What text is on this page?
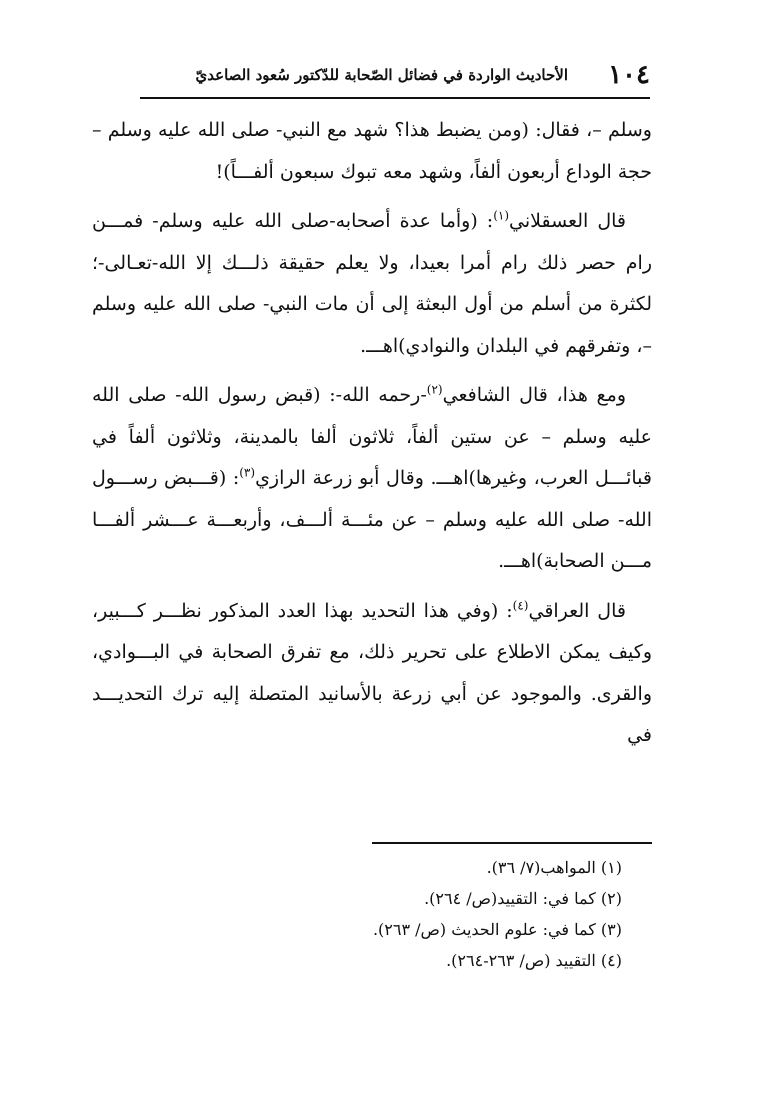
١٠٤
الأحاديث الواردة في فضائل الصّحابة للدّكتور سُعود الصاعديّ

وسلم –، فقال: (ومن يضبط هذا؟ شهد مع النبي- صلى الله عليه وسلم – حجة الوداع أربعون ألفاً، وشهد معه تبوك سبعون ألفـــاً)!

قال العسقلاني$^{(١)}$: (وأما عدة أصحابه-صلى الله عليه وسلم- فمـــن رام حصر ذلك رام أمرا بعيدا، ولا يعلم حقيقة ذلـــك إلا الله-تعـالى-؛ لكثرة من أسلم من أول البعثة إلى أن مات النبي- صلى الله عليه وسلم –، وتفرقهم في البلدان والنوادي)اهـــ.

ومع هذا، قال الشافعي$^{(٢)}$-رحمه الله-: (قبض رسول الله- صلى الله عليه وسلم – عن ستين ألفاً، ثلاثون ألفا بالمدينة، وثلاثون ألفاً في قبائـــل العرب، وغيرها)اهـــ. وقال أبو زرعة الرازي$^{(٣)}$: (قـــبض رســـول الله- صلى الله عليه وسلم – عن مئـــة ألـــف، وأربعـــة عـــشر ألفـــا مـــن الصحابة)اهـــ.

قال العراقي$^{(٤)}$: (وفي هذا التحديد بهذا العدد المذكور نظـــر كـــبير، وكيف يمكن الاطلاع على تحرير ذلك، مع تفرق الصحابة في البـــوادي، والقرى. والموجود عن أبي زرعة بالأسانيد المتصلة إليه ترك التحديـــد في

(١) المواهب(٧/ ٣٦).
(٢) كما في: التقييد(ص/ ٢٦٤).
(٣) كما في: علوم الحديث (ص/ ٢٦٣).
(٤) التقييد (ص/ ٢٦٣-٢٦٤).
